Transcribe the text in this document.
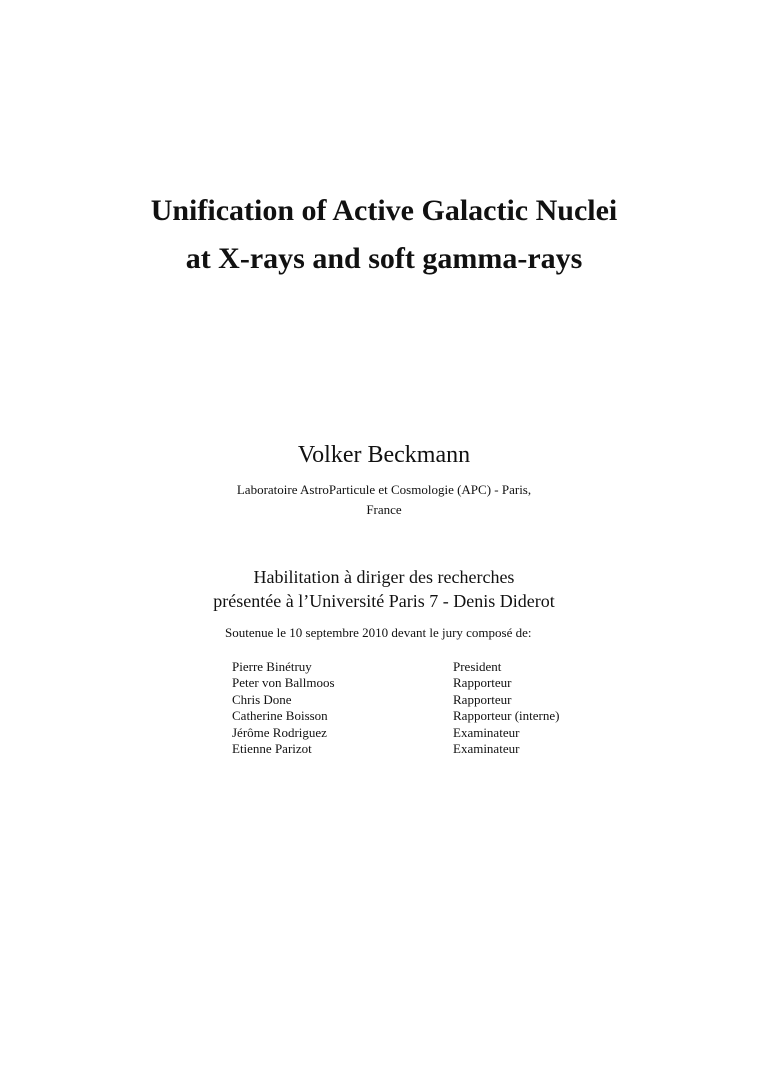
Unification of Active Galactic Nuclei
at X-rays and soft gamma-rays
Volker Beckmann
Laboratoire AstroParticule et Cosmologie (APC) - Paris,
France
Habilitation à diriger des recherches
présentée à l’Université Paris 7 - Denis Diderot
Soutenue le 10 septembre 2010 devant le jury composé de:
Pierre Binétruy	President
Peter von Ballmoos	Rapporteur
Chris Done	Rapporteur
Catherine Boisson	Rapporteur (interne)
Jérôme Rodriguez	Examinateur
Etienne Parizot	Examinateur
